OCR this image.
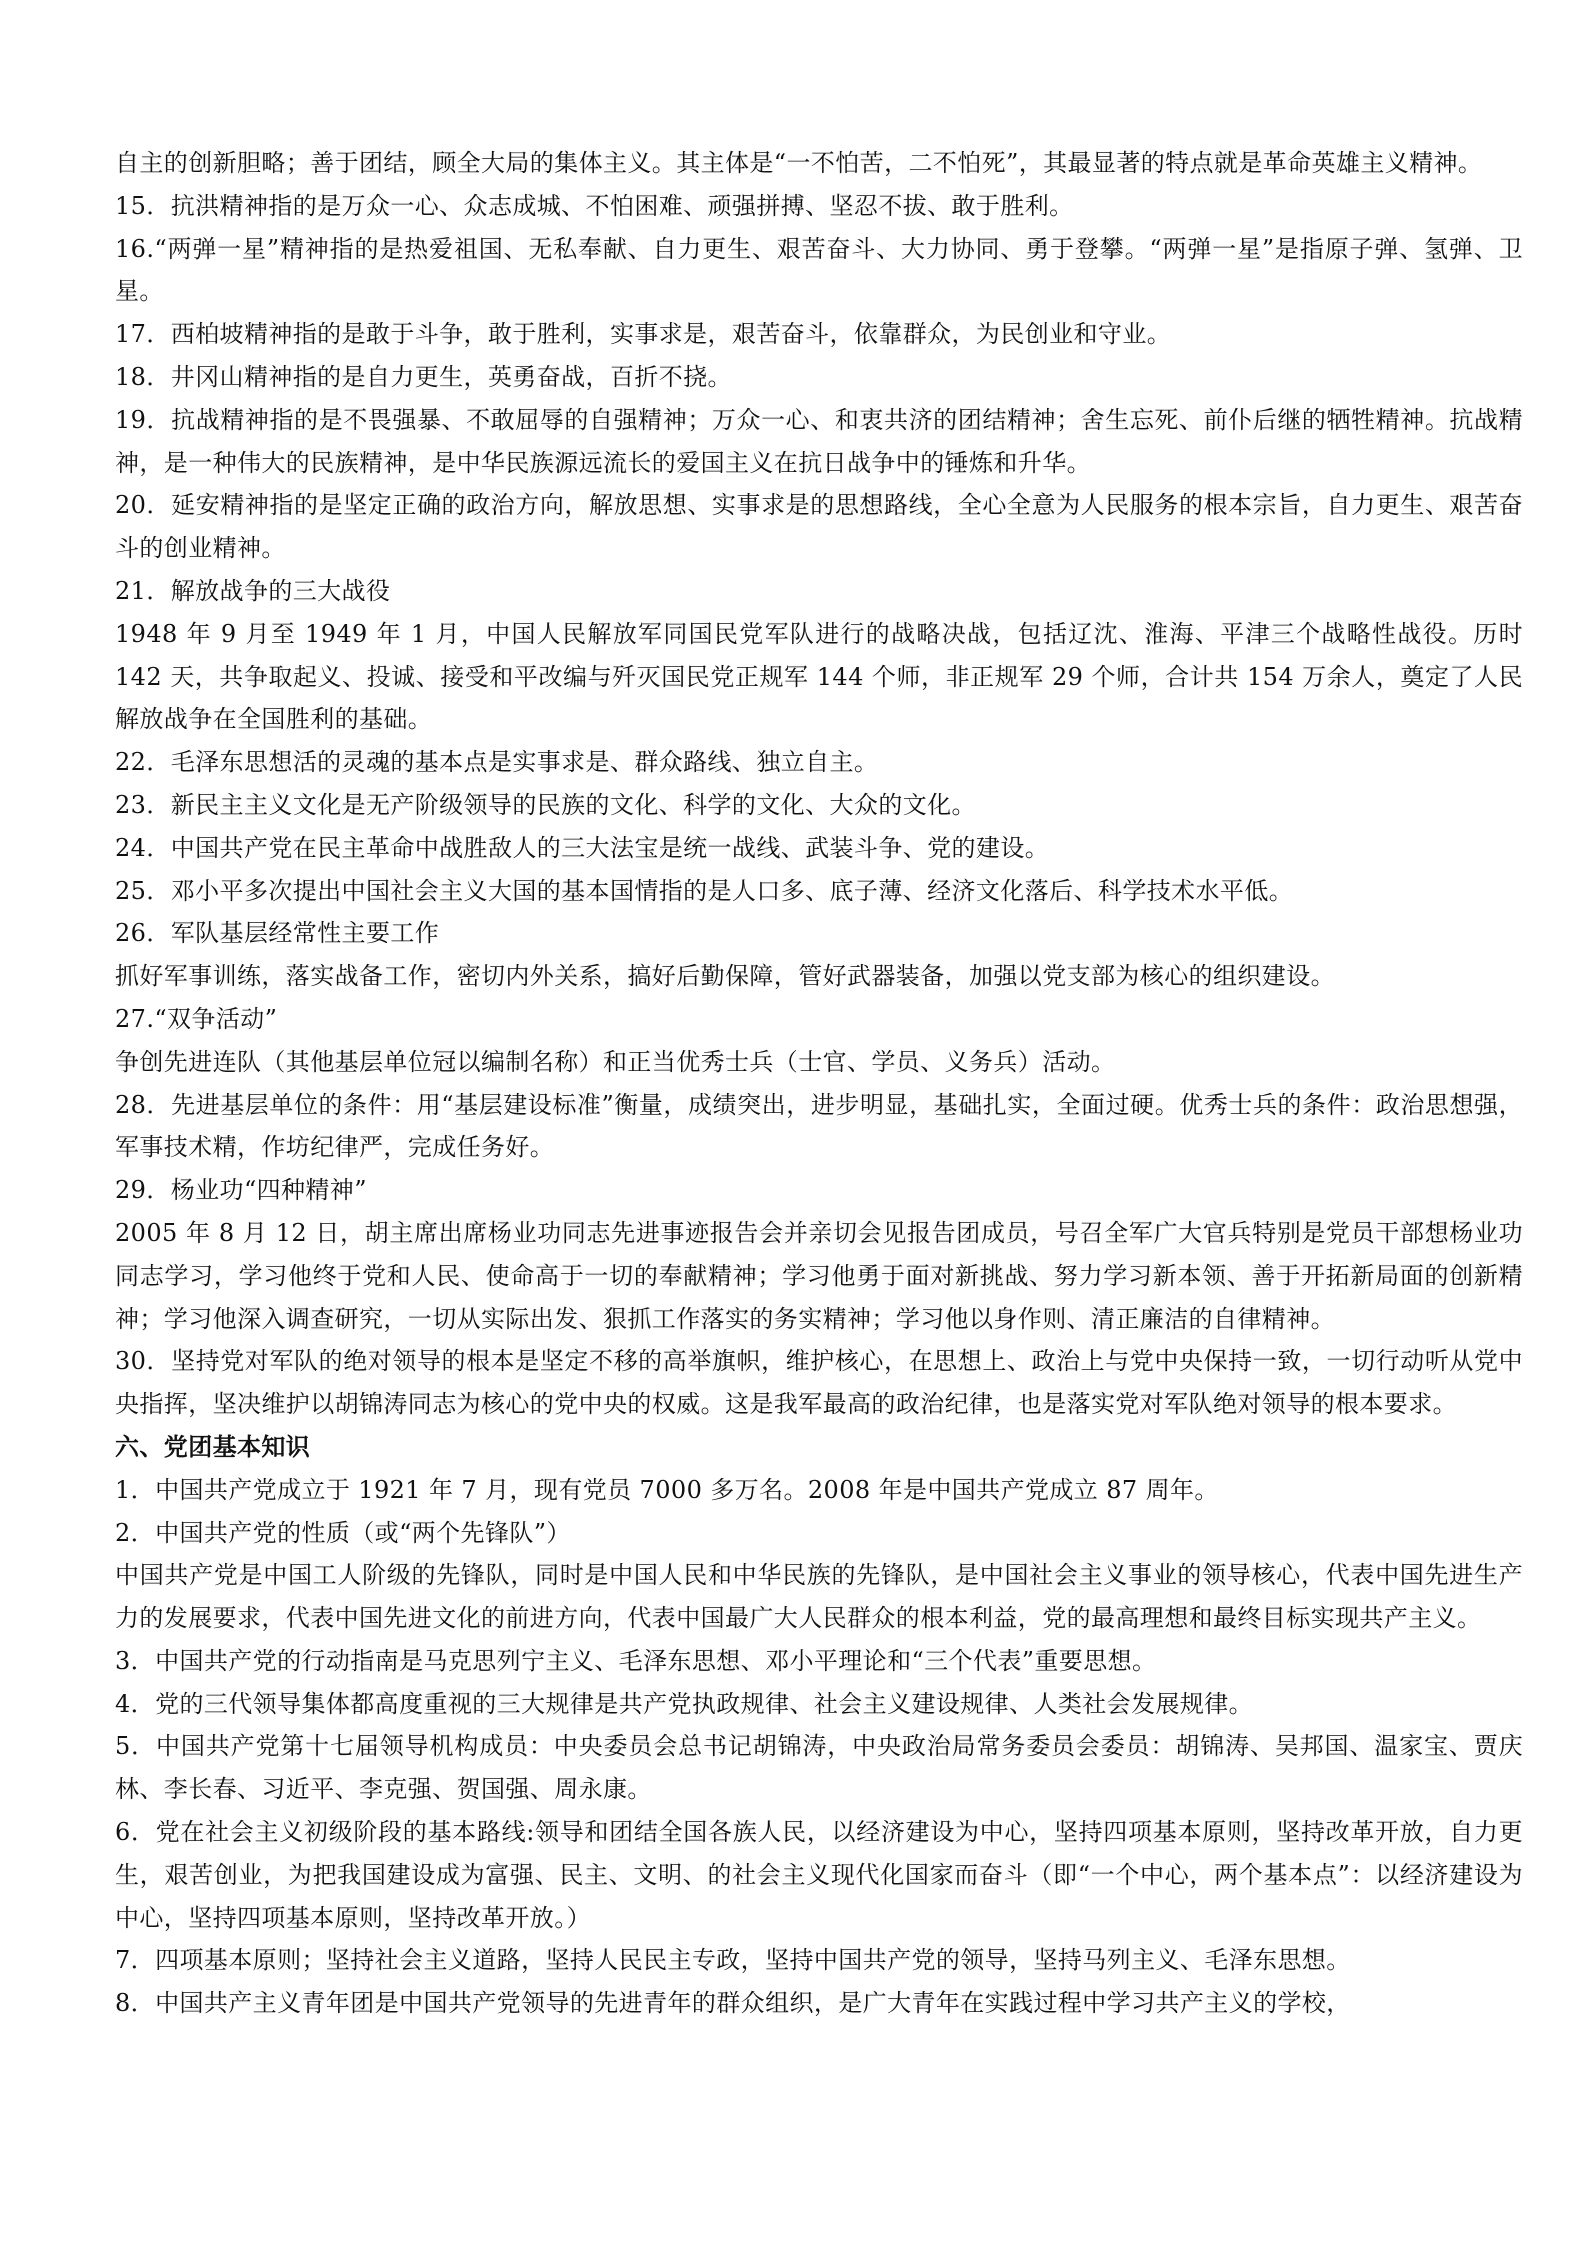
自主的创新胆略；善于团结，顾全大局的集体主义。其主体是“一不怕苦，二不怕死”，其最显著的特点就是革命英雄主义精神。

15．抗洪精神指的是万众一心、众志成城、不怕困难、顽强拼搏、坚忍不拔、敢于胜利。

16.“两弹一星”精神指的是热爱祖国、无私奉献、自力更生、艰苦奋斗、大力协同、勇于登攀。“两弹一星”是指原子弹、氢弹、卫星。

17．西柏坡精神指的是敢于斗争，敢于胜利，实事求是，艰苦奋斗，依靠群众，为民创业和守业。

18．井冈山精神指的是自力更生，英勇奋战，百折不挠。

19．抗战精神指的是不畏强暴、不敢屈辱的自强精神；万众一心、和衷共济的团结精神；舍生忘死、前仆后继的牺牲精神。抗战精神，是一种伟大的民族精神，是中华民族源远流长的爱国主义在抗日战争中的锤炼和升华。

20．延安精神指的是坚定正确的政治方向，解放思想、实事求是的思想路线，全心全意为人民服务的根本宗旨，自力更生、艰苦奋斗的创业精神。

21．解放战争的三大战役

1948 年 9 月至 1949 年 1 月，中国人民解放军同国民党军队进行的战略决战，包括辽沈、淮海、平津三个战略性战役。历时 142 天，共争取起义、投诚、接受和平改编与歼灭国民党正规军 144 个师，非正规军 29 个师，合计共 154 万余人，奠定了人民解放战争在全国胜利的基础。

22．毛泽东思想活的灵魂的基本点是实事求是、群众路线、独立自主。

23．新民主主义文化是无产阶级领导的民族的文化、科学的文化、大众的文化。

24．中国共产党在民主革命中战胜敌人的三大法宝是统一战线、武装斗争、党的建设。

25．邓小平多次提出中国社会主义大国的基本国情指的是人口多、底子薄、经济文化落后、科学技术水平低。

26．军队基层经常性主要工作

抓好军事训练，落实战备工作，密切内外关系，搞好后勤保障，管好武器装备，加强以党支部为核心的组织建设。

27.“双争活动”

争创先进连队（其他基层单位冠以编制名称）和正当优秀士兵（士官、学员、义务兵）活动。

28．先进基层单位的条件：用“基层建设标准”衡量，成绩突出，进步明显，基础扎实，全面过硬。优秀士兵的条件：政治思想强，军事技术精，作坊纪律严，完成任务好。

29．杨业功“四种精神”

2005 年 8 月 12 日，胡主席出席杨业功同志先进事迹报告会并亲切会见报告团成员，号召全军广大官兵特别是党员干部想杨业功同志学习，学习他终于党和人民、使命高于一切的奉献精神；学习他勇于面对新挑战、努力学习新本领、善于开拓新局面的创新精神；学习他深入调查研究，一切从实际出发、狠抓工作落实的务实精神；学习他以身作则、清正廉洁的自律精神。

30．坚持党对军队的绝对领导的根本是坚定不移的高举旗帜，维护核心，在思想上、政治上与党中央保持一致，一切行动听从党中央指挥，坚决维护以胡锦涛同志为核心的党中央的权威。这是我军最高的政治纪律，也是落实党对军队绝对领导的根本要求。

六、党团基本知识

1．中国共产党成立于 1921 年 7 月，现有党员 7000 多万名。2008 年是中国共产党成立 87 周年。

2．中国共产党的性质（或“两个先锋队”）

中国共产党是中国工人阶级的先锋队，同时是中国人民和中华民族的先锋队，是中国社会主义事业的领导核心，代表中国先进生产力的发展要求，代表中国先进文化的前进方向，代表中国最广大人民群众的根本利益，党的最高理想和最终目标实现共产主义。

3．中国共产党的行动指南是马克思列宁主义、毛泽东思想、邓小平理论和“三个代表”重要思想。

4．党的三代领导集体都高度重视的三大规律是共产党执政规律、社会主义建设规律、人类社会发展规律。

5．中国共产党第十七届领导机构成员：中央委员会总书记胡锦涛，中央政治局常务委员会委员：胡锦涛、吴邦国、温家宝、贾庆林、李长春、习近平、李克强、贺国强、周永康。

6．党在社会主义初级阶段的基本路线:领导和团结全国各族人民，以经济建设为中心，坚持四项基本原则，坚持改革开放，自力更生，艰苦创业，为把我国建设成为富强、民主、文明、的社会主义现代化国家而奋斗（即“一个中心，两个基本点”：以经济建设为中心，坚持四项基本原则，坚持改革开放。）

7．四项基本原则；坚持社会主义道路，坚持人民民主专政，坚持中国共产党的领导，坚持马列主义、毛泽东思想。

8．中国共产主义青年团是中国共产党领导的先进青年的群众组织，是广大青年在实践过程中学习共产主义的学校，
